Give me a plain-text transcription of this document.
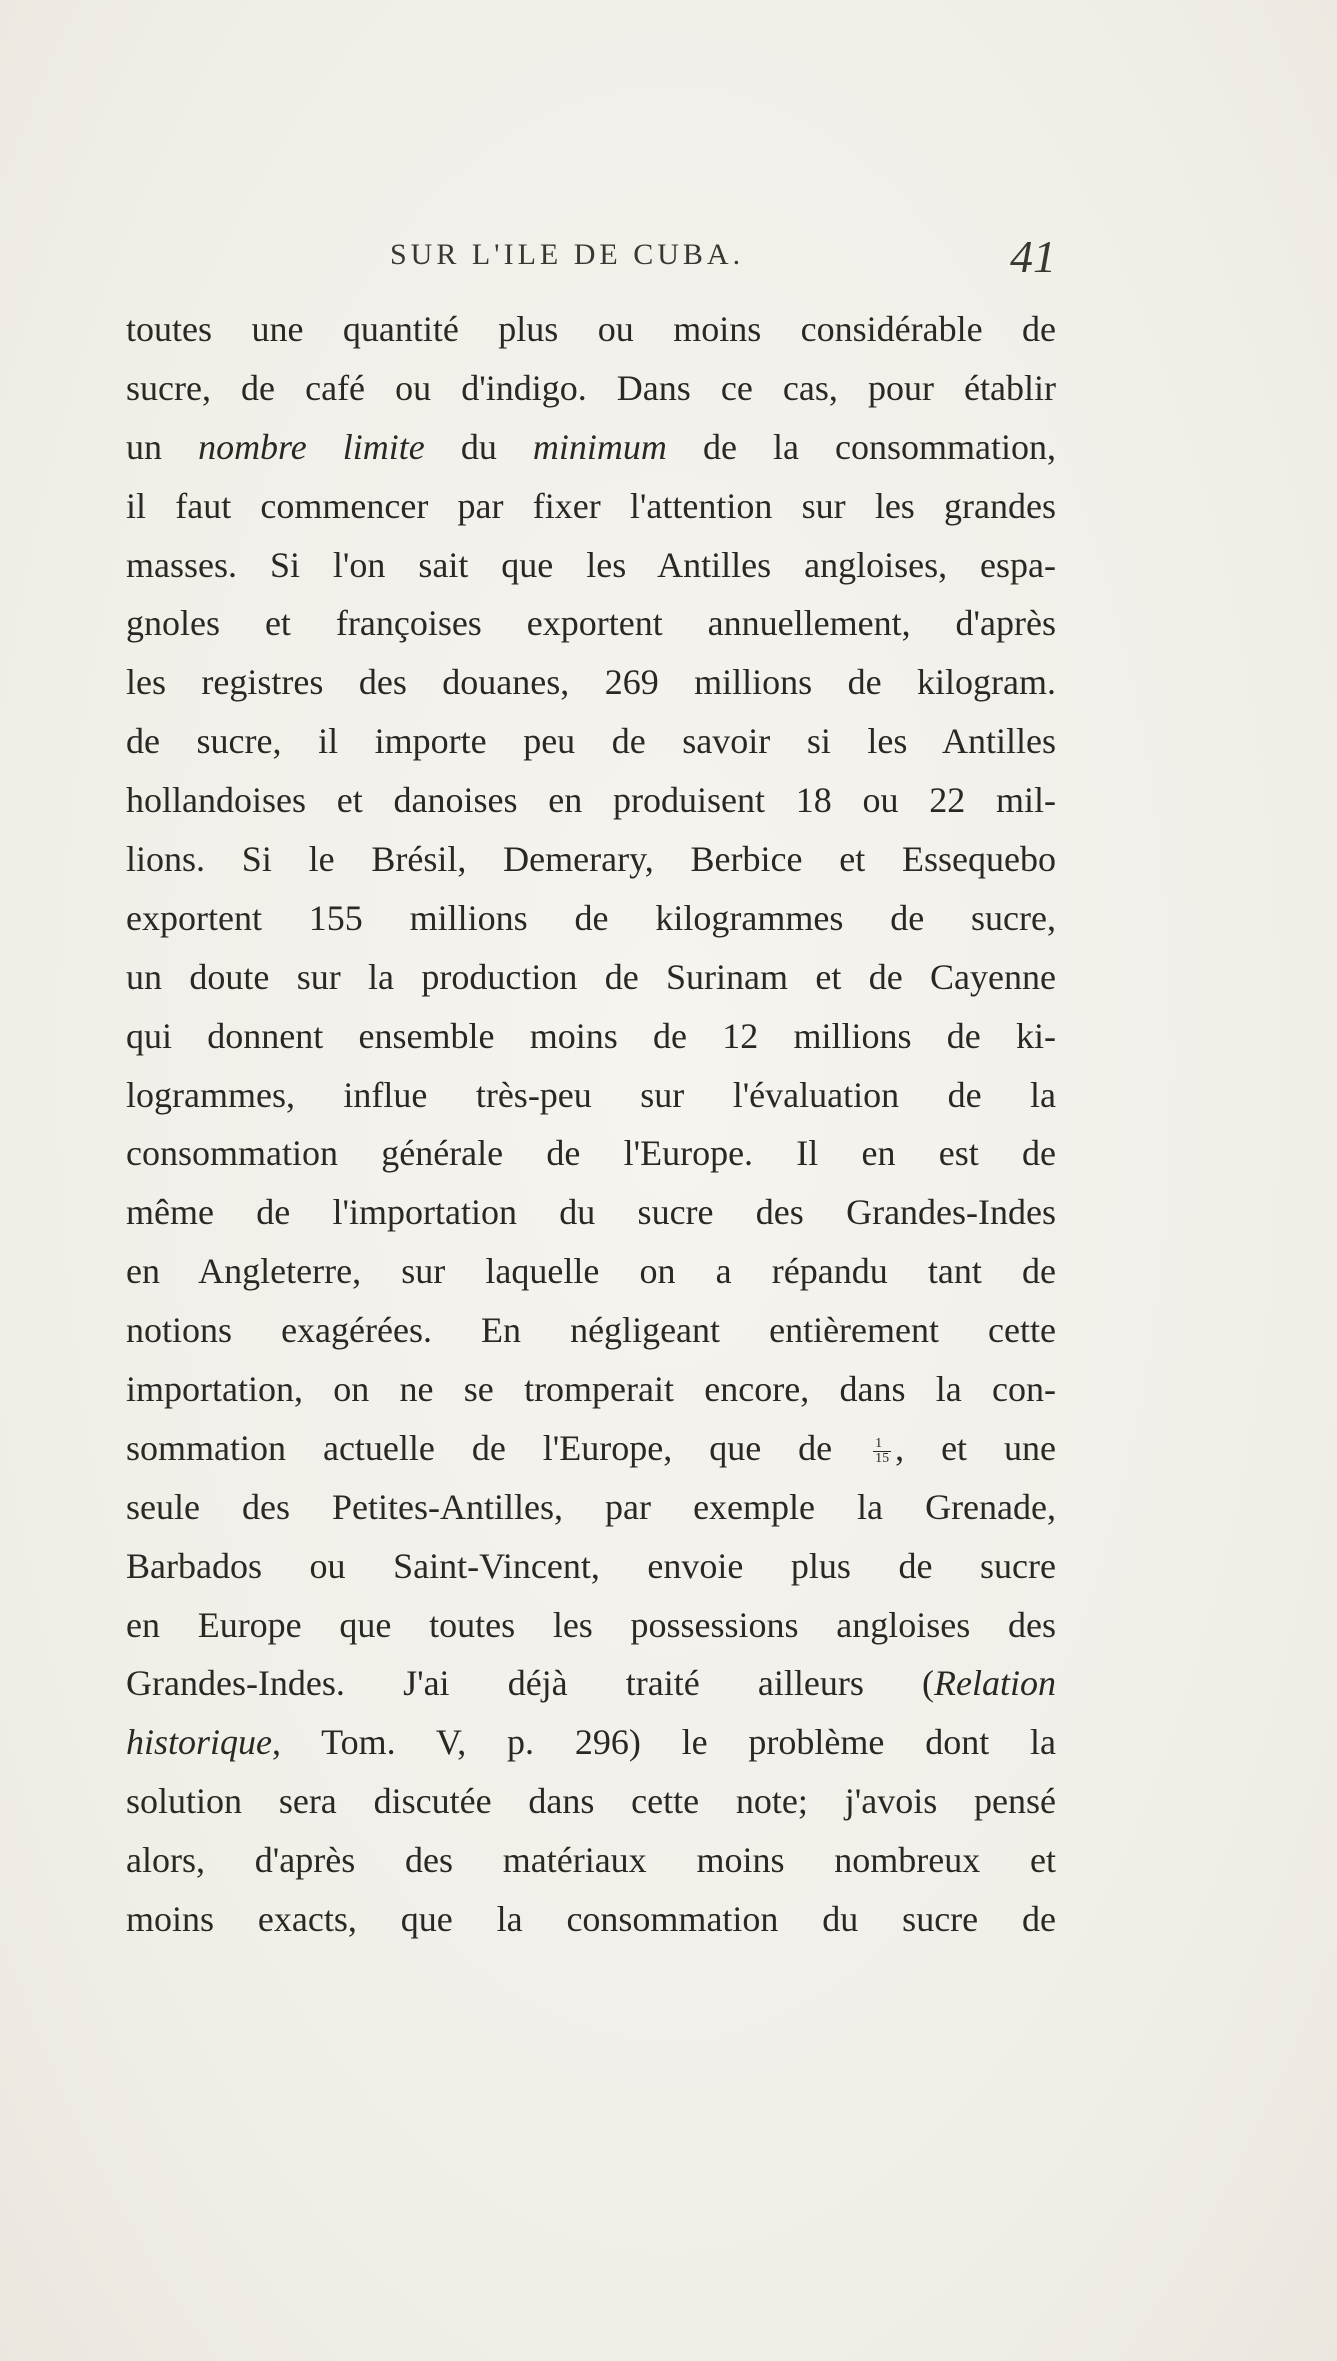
SUR L'ILE DE CUBA.	41
toutes une quantité plus ou moins considérable de
sucre, de café ou d'indigo. Dans ce cas, pour établir
un nombre limite du minimum de la consommation,
il faut commencer par fixer l'attention sur les grandes
masses. Si l'on sait que les Antilles angloises, espa-
gnoles et françoises exportent annuellement, d'après
les registres des douanes, 269 millions de kilogram.
de sucre, il importe peu de savoir si les Antilles
hollandoises et danoises en produisent 18 ou 22 mil-
lions. Si le Brésil, Demerary, Berbice et Essequebo
exportent 155 millions de kilogrammes de sucre,
un doute sur la production de Surinam et de Cayenne
qui donnent ensemble moins de 12 millions de ki-
logrammes, influe très-peu sur l'évaluation de la
consommation générale de l'Europe. Il en est de
même de l'importation du sucre des Grandes-Indes
en Angleterre, sur laquelle on a répandu tant de
notions exagérées. En négligeant entièrement cette
importation, on ne se tromperait encore, dans la con-
sommation actuelle de l'Europe, que de $\frac{1}{15}$ , et une
seule des Petites-Antilles, par exemple la Grenade,
Barbados ou Saint-Vincent, envoie plus de sucre
en Europe que toutes les possessions angloises des
Grandes-Indes. J'ai déjà traité ailleurs (Relation
historique, Tom. V, p. 296) le problème dont la
solution sera discutée dans cette note; j'avois pensé
alors, d'après des matériaux moins nombreux et
moins exacts, que la consommation du sucre de
